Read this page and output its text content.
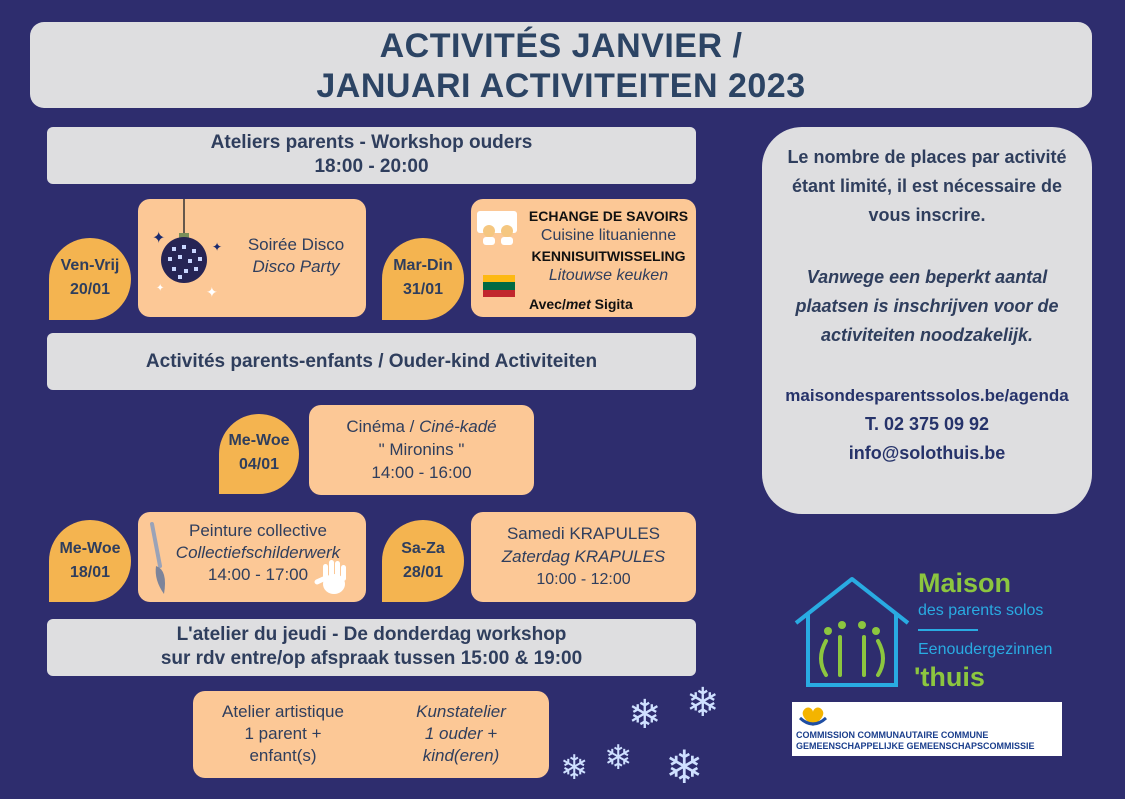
ACTIVITÉS JANVIER /
JANUARI ACTIVITEITEN 2023
Ateliers parents - Workshop ouders
18:00 - 20:00
Ven-Vrij
20/01
✦	✦
✦
✦
Soirée Disco
Disco Party	Mar-Din
31/01
ECHANGE DE SAVOIRS
Cuisine lituanienne
KENNISUITWISSELING
Litouwse keuken
Avec/met Sigita
Activités parents-enfants / Ouder-kind Activiteiten
Me-Woe
04/01
Cinéma / Ciné-kadé
" Mironins "
14:00 - 16:00
Me-Woe
18/01
Peinture collective
Collectiefschilderwerk
14:00 - 17:00
Sa-Za
28/01
Samedi KRAPULES
Zaterdag KRAPULES
10:00 - 12:00
L'atelier du jeudi - De donderdag workshop
sur rdv entre/op afspraak tussen 15:00 & 19:00
Atelier artistique
1 parent +
enfant(s)
Kunstatelier
1 ouder +
kind(eren)
❄ ❄
❄
❄ ❄

Le nombre de places par activité

étant limité, il est nécessaire de

vous inscrire.

Vanwege een beperkt aantal

plaatsen is inschrijven voor de

activiteiten noodzakelijk.

maisondesparentssolos.be/agenda

T. 02 375 09 92

info@solothuis.be

Maison
des parents solos
Eenoudergezinnen
'thuis
COMMISSION COMMUNAUTAIRE COMMUNE
GEMEENSCHAPPELIJKE GEMEENSCHAPSCOMMISSIE
